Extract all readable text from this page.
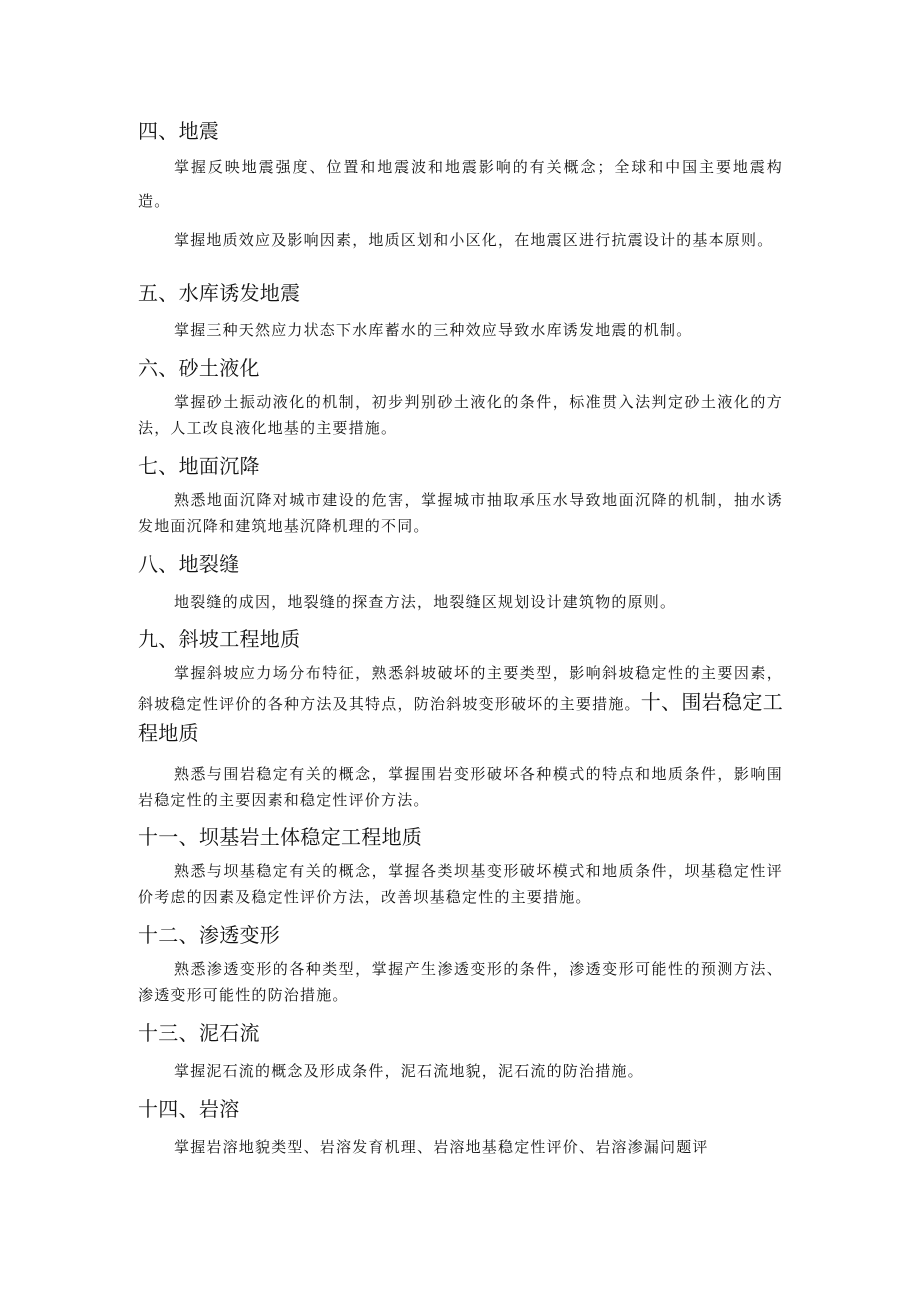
四、地震

掌握反映地震强度、位置和地震波和地震影响的有关概念；全球和中国主要地震构造。

掌握地质效应及影响因素，地质区划和小区化，在地震区进行抗震设计的基本原则。

五、水库诱发地震

掌握三种天然应力状态下水库蓄水的三种效应导致水库诱发地震的机制。

六、砂土液化

掌握砂土振动液化的机制，初步判别砂土液化的条件，标准贯入法判定砂土液化的方法，人工改良液化地基的主要措施。

七、地面沉降

熟悉地面沉降对城市建设的危害，掌握城市抽取承压水导致地面沉降的机制，抽水诱发地面沉降和建筑地基沉降机理的不同。

八、地裂缝

地裂缝的成因，地裂缝的探查方法，地裂缝区规划设计建筑物的原则。

九、斜坡工程地质

掌握斜坡应力场分布特征，熟悉斜坡破坏的主要类型，影响斜坡稳定性的主要因素，斜坡稳定性评价的各种方法及其特点，防治斜坡变形破坏的主要措施。十、围岩稳定工程地质

熟悉与围岩稳定有关的概念，掌握围岩变形破坏各种模式的特点和地质条件，影响围岩稳定性的主要因素和稳定性评价方法。

十一、坝基岩土体稳定工程地质

熟悉与坝基稳定有关的概念，掌握各类坝基变形破坏模式和地质条件，坝基稳定性评价考虑的因素及稳定性评价方法，改善坝基稳定性的主要措施。

十二、渗透变形

熟悉渗透变形的各种类型，掌握产生渗透变形的条件，渗透变形可能性的预测方法、渗透变形可能性的防治措施。

十三、泥石流

掌握泥石流的概念及形成条件，泥石流地貌，泥石流的防治措施。

十四、岩溶

掌握岩溶地貌类型、岩溶发育机理、岩溶地基稳定性评价、岩溶渗漏问题评
